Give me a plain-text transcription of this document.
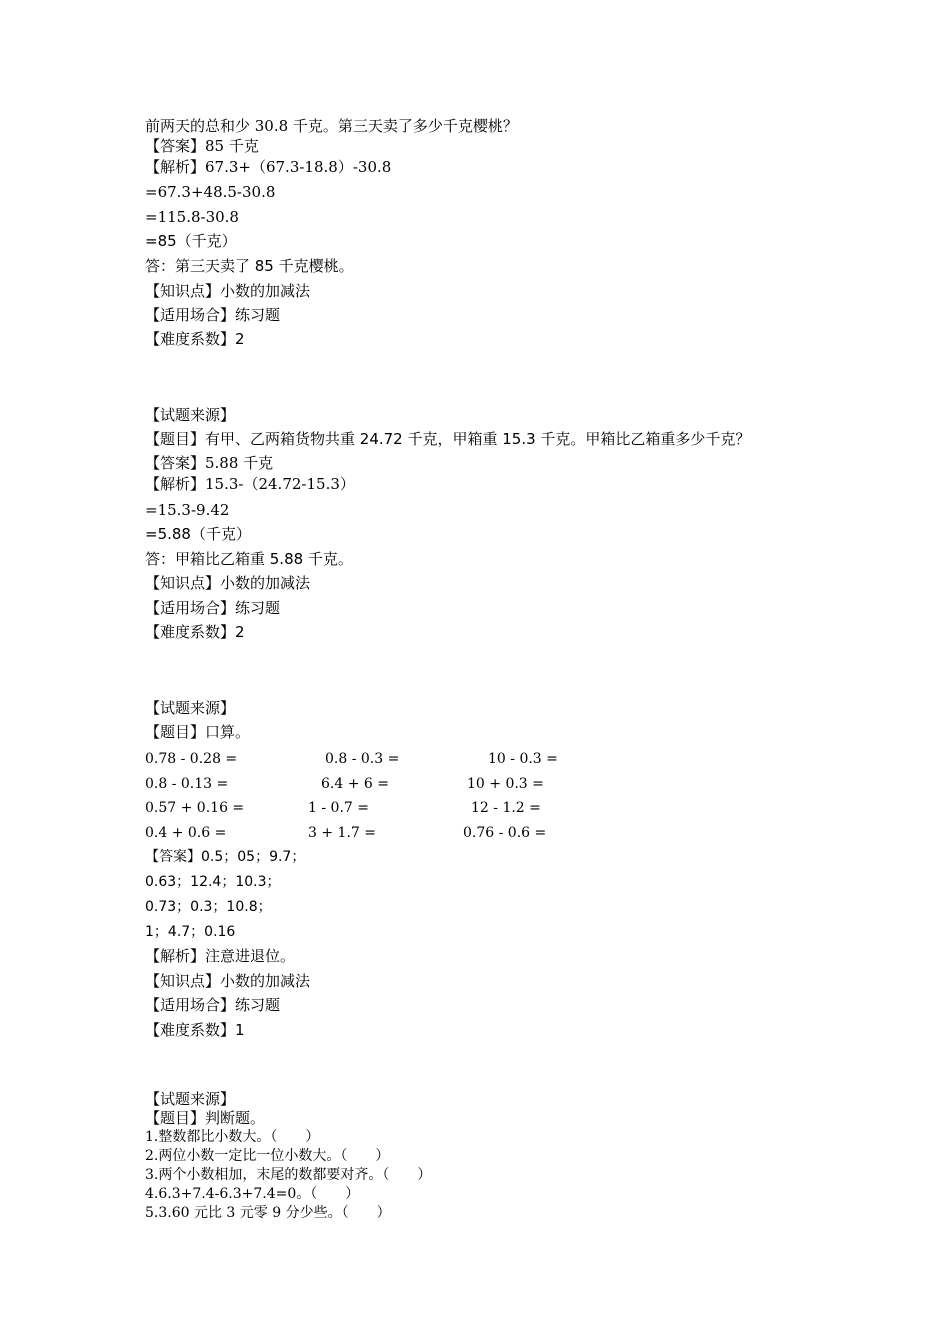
前两天的总和少 30.8 千克。第三天卖了多少千克樱桃？
【答案】85 千克
【解析】67.3+（67.3-18.8）-30.8
=67.3+48.5-30.8
=115.8-30.8
=85（千克）
答：第三天卖了 85 千克樱桃。
【知识点】小数的加减法
【适用场合】练习题
【难度系数】2
【试题来源】
【题目】有甲、乙两箱货物共重 24.72 千克，甲箱重 15.3 千克。甲箱比乙箱重多少千克？
【答案】5.88 千克
【解析】15.3-（24.72-15.3）
=15.3-9.42
=5.88（千克）
答：甲箱比乙箱重 5.88 千克。
【知识点】小数的加减法
【适用场合】练习题
【难度系数】2
【试题来源】
【题目】口算。
0.78 - 0.28 =	0.8 - 0.3 =	10 - 0.3 =
0.8 - 0.13 =	6.4 + 6 =	10 + 0.3 =
0.57 + 0.16 =	1 - 0.7 =	12 - 1.2 =
0.4 + 0.6 =	3 + 1.7 =	0.76 - 0.6 =
【答案】0.5；05；9.7；
0.63；12.4；10.3；
0.73；0.3；10.8；
1；4.7；0.16
【解析】注意进退位。
【知识点】小数的加减法
【适用场合】练习题
【难度系数】1
【试题来源】
【题目】判断题。
1.整数都比小数大。（　　）
2.两位小数一定比一位小数大。（　　）
3.两个小数相加，末尾的数都要对齐。（　　）
4.6.3+7.4-6.3+7.4=0。（　　）
5.3.60 元比 3 元零 9 分少些。（　　）
